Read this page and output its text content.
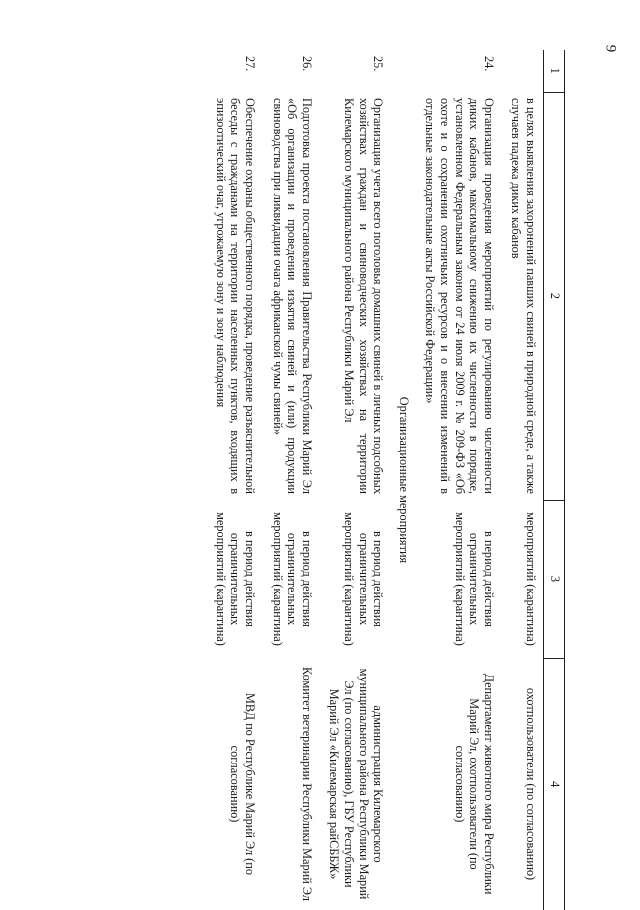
9
1	2	3	4
	в целях выявления захоронений павших свиней в природной среде, а также случаев падежа диких кабанов	мероприятий (карантина)	охотпользователи (по согласованию)
24.	Организация проведения мероприятий по регулированию численности диких кабанов, максимальному снижению их численности в порядке, установленном Федеральным законом от 24 июля 2009 г. № 209-ФЗ «Об охоте и о сохранении охотничьих ресурсов и о внесении изменений в отдельные законодательные акты Российской Федерации»	в период действия ограничительных мероприятий (карантина)	Департамент животного мира Республики Марий Эл, охотпользователи (по согласованию)
Организационные мероприятия			
25.	Организация учета всего поголовья домашних свиней в личных подсобных хозяйствах граждан и свиноводческих хозяйствах на территории Килемарского муниципального района Республики Марий Эл	в период действия ограничительных мероприятий (карантина)	администрация Килемарского муниципального района Республики Марий Эл (по согласованию), ГБУ Республики Марий Эл «Килемарская райСББЖ»
26.	Подготовка проекта постановления Правительства Республики Марий Эл «Об организации и проведении изъятия свиней и (или) продукции свиноводства при ликвидации очага африканской чумы свиней»	в период действия ограничительных мероприятий (карантина)	Комитет ветеринарии Республики Марий Эл
27.	Обеспечение охраны общественного порядка, проведение разъяснительной беседы с гражданами на территории населенных пунктов, входящих в эпизоотический очаг, угрожаемую зону и зону наблюдения	в период действия ограничительных мероприятий (карантина)	МВД по Республике Марий Эл (по согласованию)
